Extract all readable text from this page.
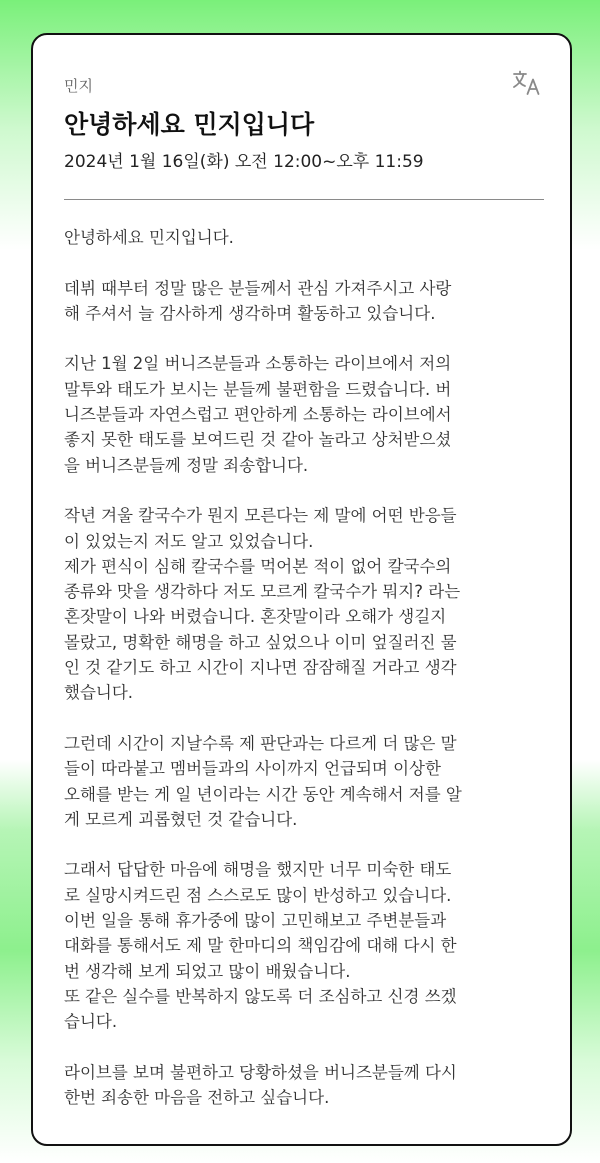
민지
안녕하세요 민지입니다
2024년 1월 16일(화) 오전 12:00~오후 11:59

안녕하세요 민지입니다.

데뷔 때부터 정말 많은 분들께서 관심 가져주시고 사랑
해 주셔서 늘 감사하게 생각하며 활동하고 있습니다.

지난 1월 2일 버니즈분들과 소통하는 라이브에서 저의
말투와 태도가 보시는 분들께 불편함을 드렸습니다. 버
니즈분들과 자연스럽고 편안하게 소통하는 라이브에서
좋지 못한 태도를 보여드린 것 같아 놀라고 상처받으셨
을 버니즈분들께 정말 죄송합니다.

작년 겨울 칼국수가 뭔지 모른다는 제 말에 어떤 반응들
이 있었는지 저도 알고 있었습니다.
제가 편식이 심해 칼국수를 먹어본 적이 없어 칼국수의
종류와 맛을 생각하다 저도 모르게 칼국수가 뭐지? 라는
혼잣말이 나와 버렸습니다. 혼잣말이라 오해가 생길지
몰랐고, 명확한 해명을 하고 싶었으나 이미 엎질러진 물
인 것 같기도 하고 시간이 지나면 잠잠해질 거라고 생각
했습니다.

그런데 시간이 지날수록 제 판단과는 다르게 더 많은 말
들이 따라붙고 멤버들과의 사이까지 언급되며 이상한
오해를 받는 게 일 년이라는 시간 동안 계속해서 저를 알
게 모르게 괴롭혔던 것 같습니다.

그래서 답답한 마음에 해명을 했지만 너무 미숙한 태도
로 실망시켜드린 점 스스로도 많이 반성하고 있습니다.
이번 일을 통해 휴가중에 많이 고민해보고 주변분들과
대화를 통해서도 제 말 한마디의 책임감에 대해 다시 한
번 생각해 보게 되었고 많이 배웠습니다.
또 같은 실수를 반복하지 않도록 더 조심하고 신경 쓰겠
습니다.

라이브를 보며 불편하고 당황하셨을 버니즈분들께 다시
한번 죄송한 마음을 전하고 싶습니다.
